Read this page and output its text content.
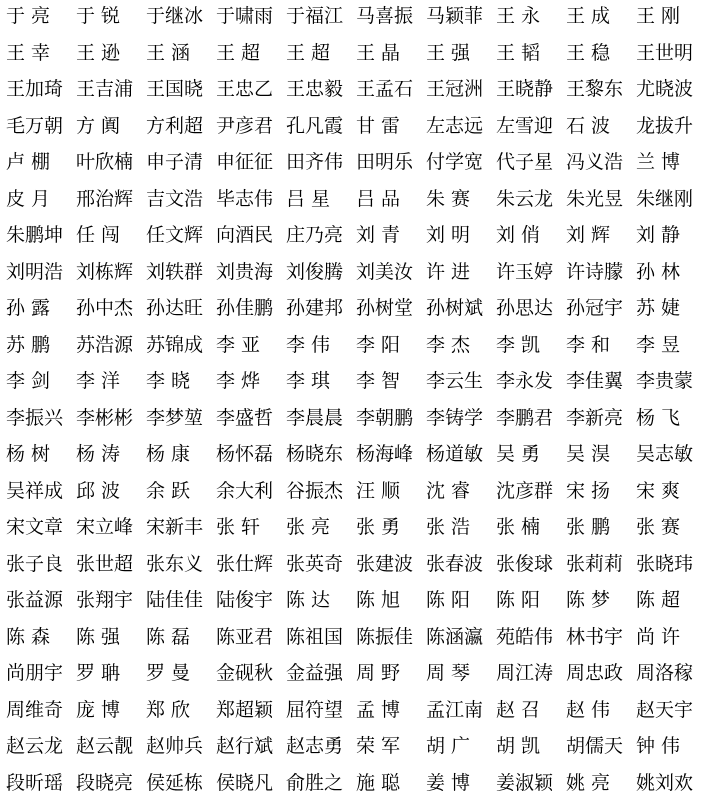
于 亮	于 锐	于继冰 于啸雨 于福江 马喜振 马颖菲 王 永	王 成	王 刚
王 幸	王 逊	王 涵	王 超	王 超	王 晶	王 强	王 韬	王 稳	王世明
王加琦 王吉浦 王国晓 王忠乙 王忠毅 王孟石 王冠洲 王晓静 王黎东 尤晓波
毛万朝 方 阗	方利超 尹彦君 孔凡霞 甘 雷	左志远 左雪迎 石 波	龙拔升
卢 棚	叶欣楠 申子清 申征征 田齐伟 田明乐 付学宽 代子星 冯义浩 兰 博
皮 月	邢治辉 吉文浩 毕志伟 吕 星	吕 品	朱 赛	朱云龙 朱光昱 朱继刚
朱鹏坤 任 闯	任文辉 向酒民 庄乃亮 刘 青	刘 明	刘 俏	刘 辉	刘 静
刘明浩 刘栋辉 刘轶群 刘贵海 刘俊腾 刘美汝 许 进	许玉婷 许诗朦 孙 林
孙 露	孙中杰 孙达旺 孙佳鹏 孙建邦 孙树堂 孙树斌 孙思达 孙冠宇 苏 婕
苏 鹏	苏浩源 苏锦成 李 亚	李 伟	李 阳	李 杰	李 凯	李 和	李 昱
李 剑	李 洋	李 晓	李 烨	李 琪	李 智	李云生 李永发 李佳翼 李贵蒙
李振兴 李彬彬 李梦堃 李盛哲 李晨晨 李朝鹏 李铸学 李鹏君 李新亮 杨 飞
杨 树	杨 涛	杨 康	杨怀磊 杨晓东 杨海峰 杨道敏 吴 勇	吴 淏	吴志敏
吴祥成 邱 波	余 跃	余大利 谷振杰 汪 顺	沈 睿	沈彦群 宋 扬	宋 爽
宋文章 宋立峰 宋新丰 张 轩	张 亮	张 勇	张 浩	张 楠	张 鹏	张 赛
张子良 张世超 张东义 张仕辉 张英奇 张建波 张春波 张俊球 张莉莉 张晓玮
张益源 张翔宇 陆佳佳 陆俊宇 陈 达	陈 旭	陈 阳	陈 阳	陈 梦	陈 超
陈 森	陈 强	陈 磊	陈亚君 陈祖国 陈振佳 陈涵瀛 苑皓伟 林书宇 尚 许
尚朋宇 罗 聃	罗 曼	金砚秋 金益强 周 野	周 琴	周江涛 周忠政 周洛稼
周维奇 庞 博	郑 欣	郑超颖 屈符望 孟 博	孟江南 赵 召	赵 伟	赵天宇
赵云龙 赵云靓 赵帅兵 赵行斌 赵志勇 荣 军	胡 广	胡 凯	胡儒天 钟 伟
段昕瑶 段晓亮 侯延栋 侯晓凡 俞胜之 施 聪	姜 博	姜淑颖 姚 亮	姚刘欢
